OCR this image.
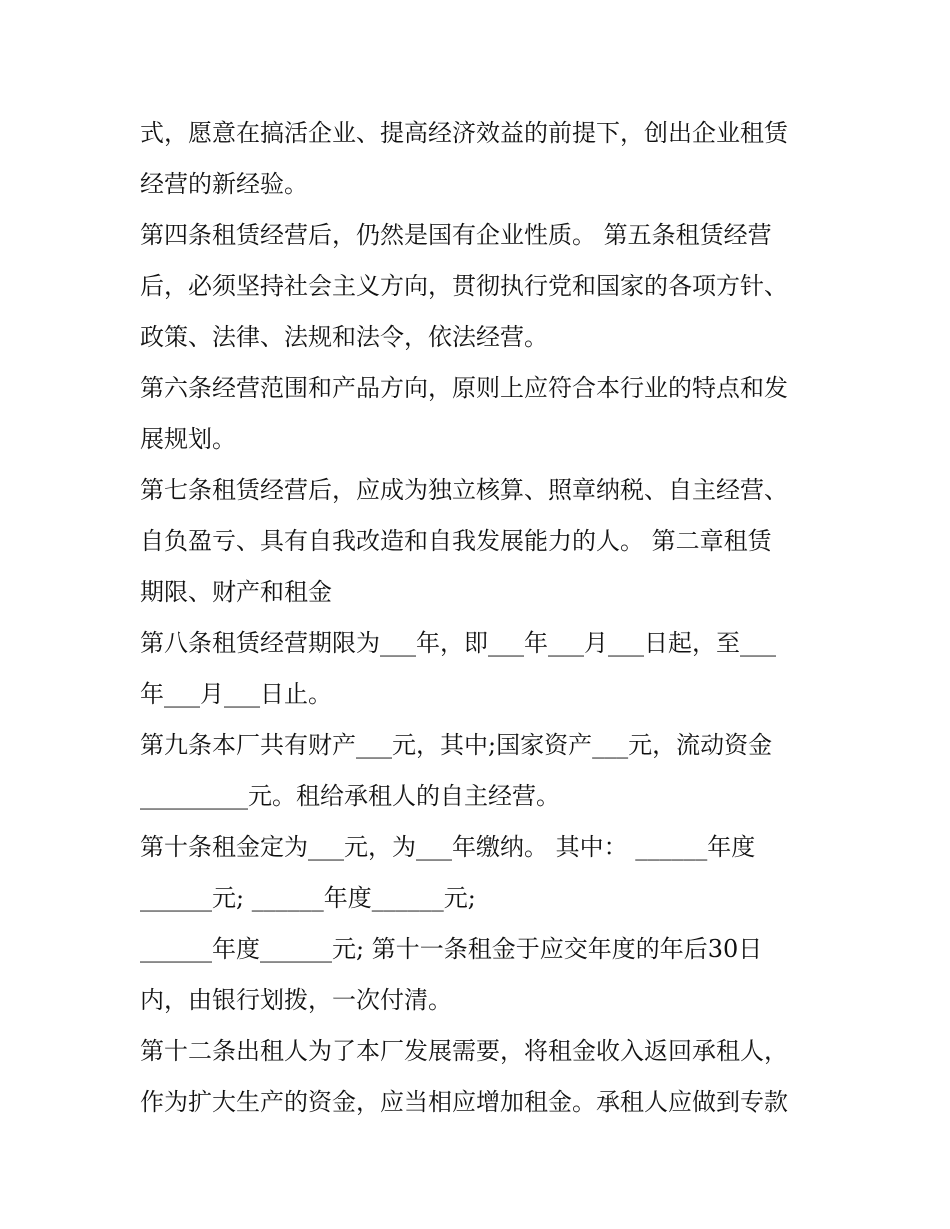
式，愿意在搞活企业、提高经济效益的前提下，创出企业租赁
经营的新经验。
第四条租赁经营后，仍然是国有企业性质。 第五条租赁经营
后，必须坚持社会主义方向，贯彻执行党和国家的各项方针、
政策、法律、法规和法令，依法经营。
第六条经营范围和产品方向，原则上应符合本行业的特点和发
展规划。
第七条租赁经营后，应成为独立核算、照章纳税、自主经营、
自负盈亏、具有自我改造和自我发展能力的人。 第二章租赁
期限、财产和租金
第八条租赁经营期限为___年，即___年___月___日起，至___
年___月___日止。
第九条本厂共有财产___元，其中;国家资产___元，流动资金
_________元。租给承租人的自主经营。
第十条租金定为___元，为___年缴纳。 其中： ______年度
______元; ______年度______元;
______年度______元; 第十一条租金于应交年度的年后30日
内，由银行划拨，一次付清。
第十二条出租人为了本厂发展需要，将租金收入返回承租人，
作为扩大生产的资金，应当相应增加租金。承租人应做到专款
